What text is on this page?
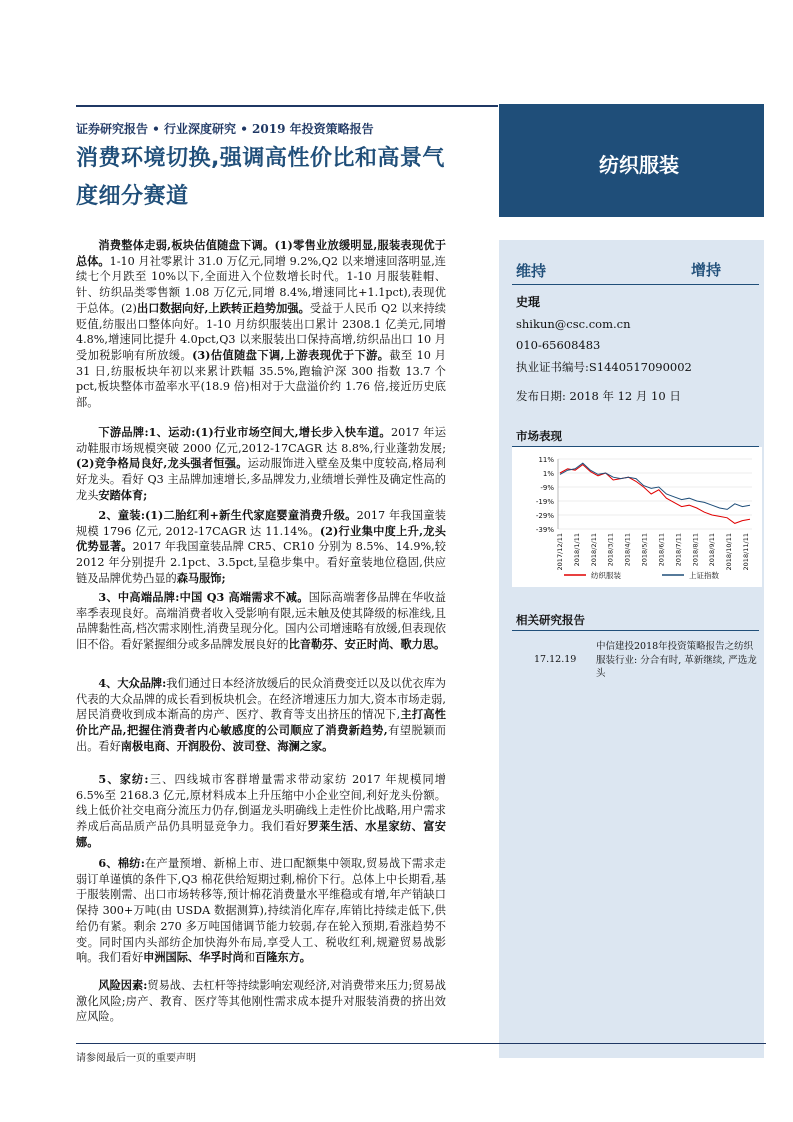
证券研究报告 • 行业深度研究 • 2019 年投资策略报告
消费环境切换,强调高性价比和高景气
度细分赛道
纺织服装
维持	增持
史琨
shikun@csc.com.cn
010-65608483
执业证书编号:S1440517090002
发布日期: 2018 年 12 月 10 日
市场表现
11%
1%
-9%
-19%
-29%
-39%
2017/12/11 2018/1/11 2018/2/11 2018/3/11 2018/4/11 2018/5/11 2018/6/11 2018/7/11 2018/8/11 2018/9/11 2018/10/11 2018/11/11
纺织服装	上证指数
相关研究报告
17.12.19
中信建投2018年投资策略报告之纺织服装行业: 分合有时, 革新继续, 严选龙头

消费整体走弱,板块估值随盘下调。(1)零售业放缓明显,服装表现优于总体。1-10 月社零累计 31.0 万亿元,同增 9.2%,Q2 以来增速回落明显,连续七个月跌至 10%以下,全面进入个位数增长时代。1-10 月服装鞋帽、针、纺织品类零售额 1.08 万亿元,同增 8.4%,增速同比+1.1pct),表现优于总体。(2)出口数据向好,上跌转正趋势加强。受益于人民币 Q2 以来持续贬值,纺服出口整体向好。1-10 月纺织服装出口累计 2308.1 亿美元,同增 4.8%,增速同比提升 4.0pct,Q3 以来服装出口保持高增,纺织品出口 10 月受加税影响有所放缓。(3)估值随盘下调,上游表现优于下游。截至 10 月 31 日,纺服板块年初以来累计跌幅 35.5%,跑输沪深 300 指数 13.7 个 pct,板块整体市盈率水平(18.9 倍)相对于大盘溢价约 1.76 倍,接近历史底部。

下游品牌:1、运动:(1)行业市场空间大,增长步入快车道。2017 年运动鞋服市场规模突破 2000 亿元,2012-17CAGR 达 8.8%,行业蓬勃发展;(2)竞争格局良好,龙头强者恒强。运动服饰进入壁垒及集中度较高,格局利好龙头。看好 Q3 主品牌加速增长,多品牌发力,业绩增长弹性及确定性高的龙头安踏体育;

2、童装:(1)二胎红利+新生代家庭婴童消费升级。2017 年我国童装规模 1796 亿元, 2012-17CAGR 达 11.14%。(2)行业集中度上升,龙头优势显著。2017 年我国童装品牌 CR5、CR10 分别为 8.5%、14.9%,较 2012 年分别提升 2.1pct、3.5pct,呈稳步集中。看好童装地位稳固,供应链及品牌优势凸显的森马服饰;

3、中高端品牌:中国 Q3 高端需求不减。国际高端奢侈品牌在华收益率季表现良好。高端消费者收入受影响有限,远未触及使其降级的标准线,且品牌黏性高,档次需求刚性,消费呈现分化。国内公司增速略有放缓,但表现依旧不俗。看好紧握细分或多品牌发展良好的比音勒芬、安正时尚、歌力思。

4、大众品牌:我们通过日本经济放缓后的民众消费变迁以及以优衣库为代表的大众品牌的成长看到板块机会。在经济增速压力加大,资本市场走弱,居民消费收到成本渐高的房产、医疗、教育等支出挤压的情况下,主打高性价比产品,把握住消费者内心敏感度的公司顺应了消费新趋势,有望脱颖而出。看好南极电商、开润股份、波司登、海澜之家。

5、家纺:三、四线城市客群增量需求带动家纺 2017 年规模同增 6.5%至 2168.3 亿元,原材料成本上升压缩中小企业空间,利好龙头份额。线上低价社交电商分流压力仍存,倒逼龙头明确线上走性价比战略,用户需求养成后高品质产品仍具明显竞争力。我们看好罗莱生活、水星家纺、富安娜。

6、棉纺:在产量预增、新棉上市、进口配额集中领取,贸易战下需求走弱订单谨慎的条件下,Q3 棉花供给短期过剩,棉价下行。总体上中长期看,基于服装刚需、出口市场转移等,预计棉花消费量水平维稳或有增,年产销缺口保持 300+万吨(由 USDA 数据测算),持续消化库存,库销比持续走低下,供给仍有紧。剩余 270 多万吨国储调节能力较弱,存在轮入预期,看涨趋势不变。同时国内头部纺企加快海外布局,享受人工、税收红利,规避贸易战影响。我们看好申洲国际、华孚时尚和百隆东方。

风险因素:贸易战、去杠杆等持续影响宏观经济,对消费带来压力;贸易战激化风险;房产、教育、医疗等其他刚性需求成本提升对服装消费的挤出效应风险。

请参阅最后一页的重要声明
